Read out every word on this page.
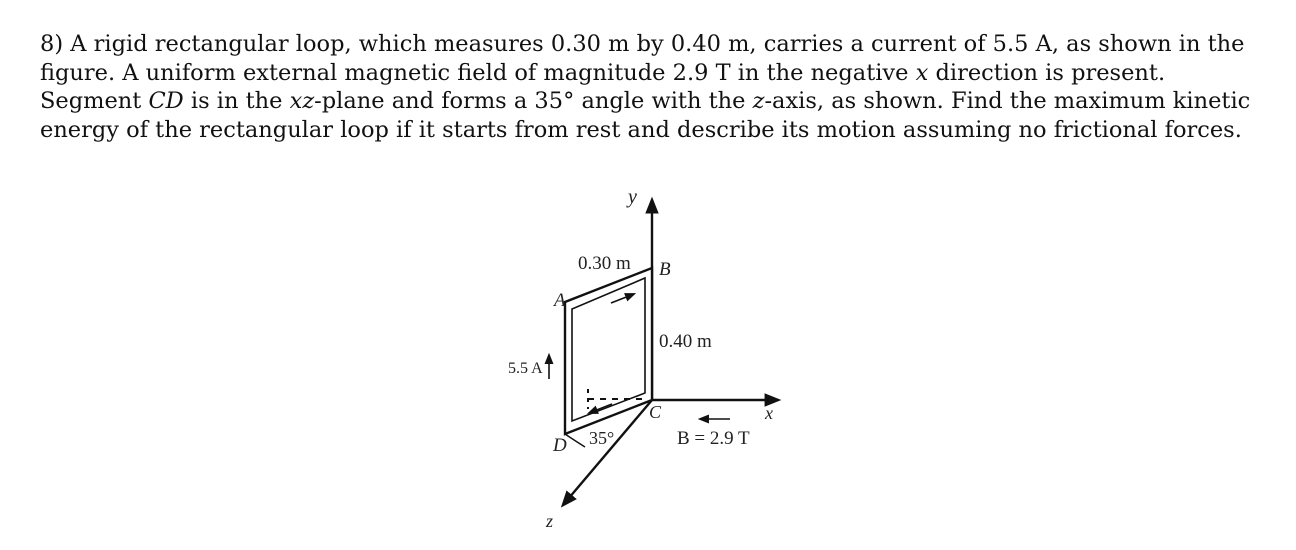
8) A rigid rectangular loop, which measures 0.30 m by 0.40 m, carries a current of 5.5 A, as shown in the figure. A uniform external magnetic field of magnitude 2.9 T in the negative x direction is present. Segment CD is in the xz-plane and forms a 35° angle with the z-axis, as shown. Find the maximum kinetic energy of the rectangular loop if it starts from rest and describe its motion assuming no frictional forces.

y
x
z
0.30 m
0.40 m
5.5 A
B = 2.9 T
35°
A
B
C
D
